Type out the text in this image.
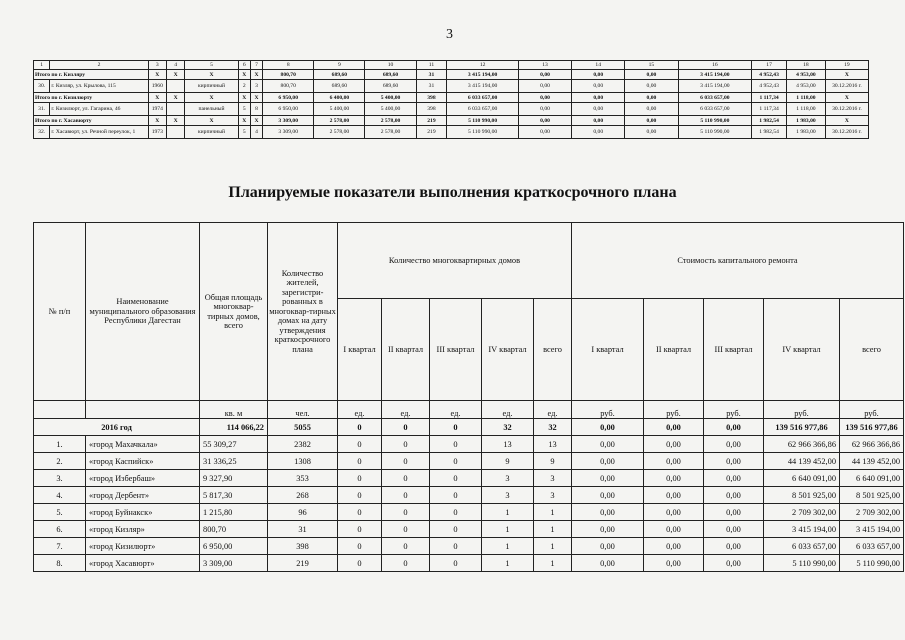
3
1	2	3	4	5	6	7	8	9	10	11	12	13	14	15	16	17	18	19
Итого по г. Кизляру		X	X	X	X	X	800,70	689,60	689,60	31	3 415 194,00	0,00	0,00	0,00	3 415 194,00	4 952,43	4 953,00	X
30.	г. Кизляр, ул. Крылова, 115	1960		кирпичный	2	3	800,70	689,60	689,60	31	3 415 194,00	0,00	0,00	0,00	3 415 194,00	4 952,43	4 953,00	30.12.2016 г.
Итого по г. Кизилюрту		X	X	X	X	X	6 950,00	6 400,00	5 400,00	398	6 033 657,00	0,00	0,00	0,00	6 033 657,00	1 117,34	1 118,00	X
31.	г. Кизилюрт, ул. Гагарина, 46	1974		панельный	5	8	6 950,00	5 400,00	5 400,00	398	6 033 657,00	0,00	0,00	0,00	6 033 657,00	1 117,34	1 118,00	30.12.2016 г.
Итого по г. Хасавюрту		X	X	X	X	X	3 309,00	2 578,00	2 578,00	219	5 110 990,00	0,00	0,00	0,00	5 110 990,00	1 982,54	1 983,00	X
32.	г. Хасавюрт, ул. Речной переулок, 1	1973		кирпичный	5	4	3 309,00	2 578,00	2 578,00	219	5 110 990,00	0,00	0,00	0,00	5 110 990,00	1 982,54	1 983,00	30.12.2016 г.
Планируемые показатели выполнения краткосрочного плана
№ п/п	Наименование муниципального образования Республики Дагестан	Общая площадь многоквар-тирных домов, всего	Количество жителей, зарегистри-рованных в многоквар-тирных домах на дату утверждения краткосрочного плана	Количество многоквартирных домов					Стоимость капитального ремонта				
				I квартал	II квартал	III квартал	IV квартал	всего	I квартал	II квартал	III квартал	IV квартал	всего
		кв. м	чел.	ед.	ед.	ед.	ед.	ед.	руб.	руб.	руб.	руб.	руб.
2016 год		114 066,22	5055	0	0	0	32	32	0,00	0,00	0,00	139 516 977,86	139 516 977,86
1.	«город Махачкала»	55 309,27	2382	0	0	0	13	13	0,00	0,00	0,00	62 966 366,86	62 966 366,86
2.	«город Каспийск»	31 336,25	1308	0	0	0	9	9	0,00	0,00	0,00	44 139 452,00	44 139 452,00
3.	«город Избербаш»	9 327,90	353	0	0	0	3	3	0,00	0,00	0,00	6 640 091,00	6 640 091,00
4.	«город Дербент»	5 817,30	268	0	0	0	3	3	0,00	0,00	0,00	8 501 925,00	8 501 925,00
5.	«город Буйнакск»	1 215,80	96	0	0	0	1	1	0,00	0,00	0,00	2 709 302,00	2 709 302,00
6.	«город Кизляр»	800,70	31	0	0	0	1	1	0,00	0,00	0,00	3 415 194,00	3 415 194,00
7.	«город Кизилюрт»	6 950,00	398	0	0	0	1	1	0,00	0,00	0,00	6 033 657,00	6 033 657,00
8.	«город Хасавюрт»	3 309,00	219	0	0	0	1	1	0,00	0,00	0,00	5 110 990,00	5 110 990,00
